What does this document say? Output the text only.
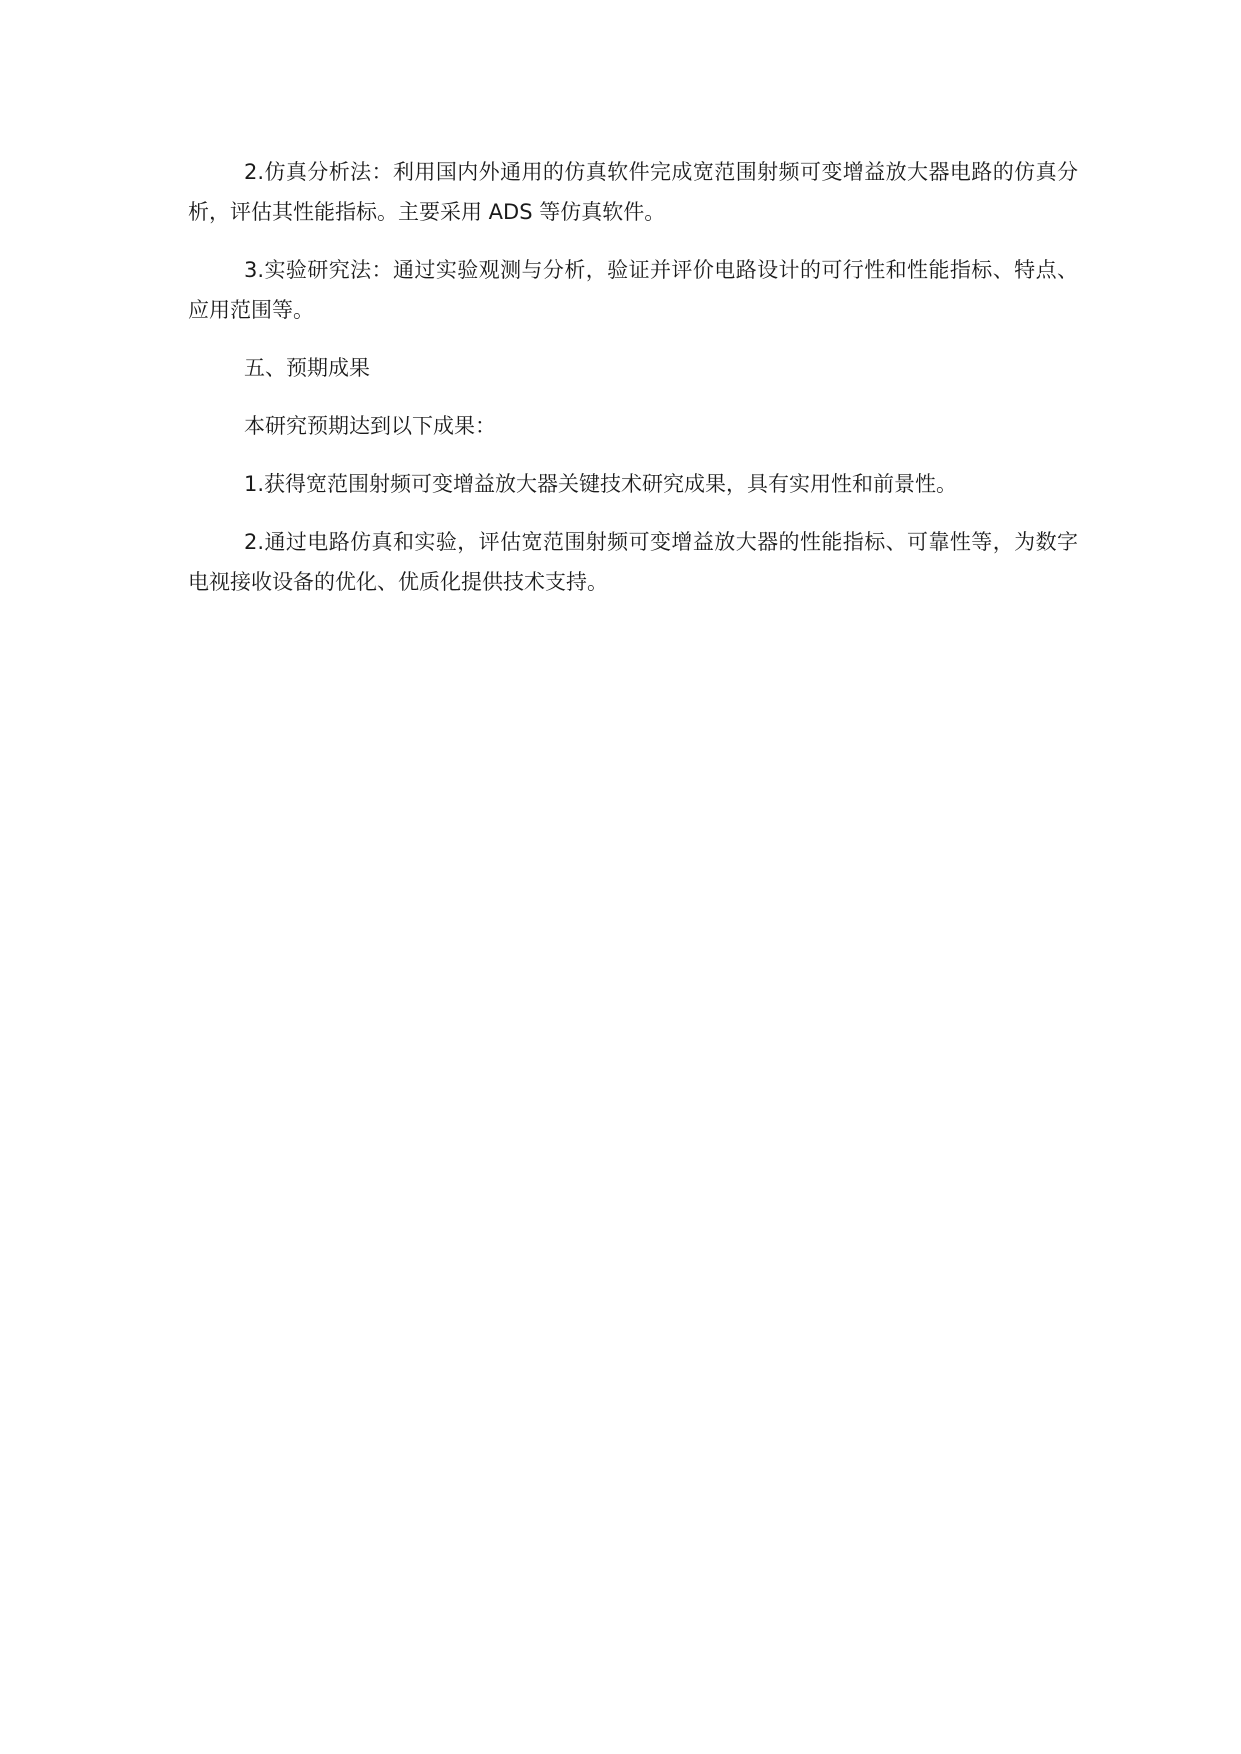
2.仿真分析法：利用国内外通用的仿真软件完成宽范围射频可变增益放大器电路的仿真分析，评估其性能指标。主要采用 ADS 等仿真软件。

3.实验研究法：通过实验观测与分析，验证并评价电路设计的可行性和性能指标、特点、应用范围等。

五、预期成果

本研究预期达到以下成果：

1.获得宽范围射频可变增益放大器关键技术研究成果，具有实用性和前景性。

2.通过电路仿真和实验，评估宽范围射频可变增益放大器的性能指标、可靠性等，为数字电视接收设备的优化、优质化提供技术支持。
